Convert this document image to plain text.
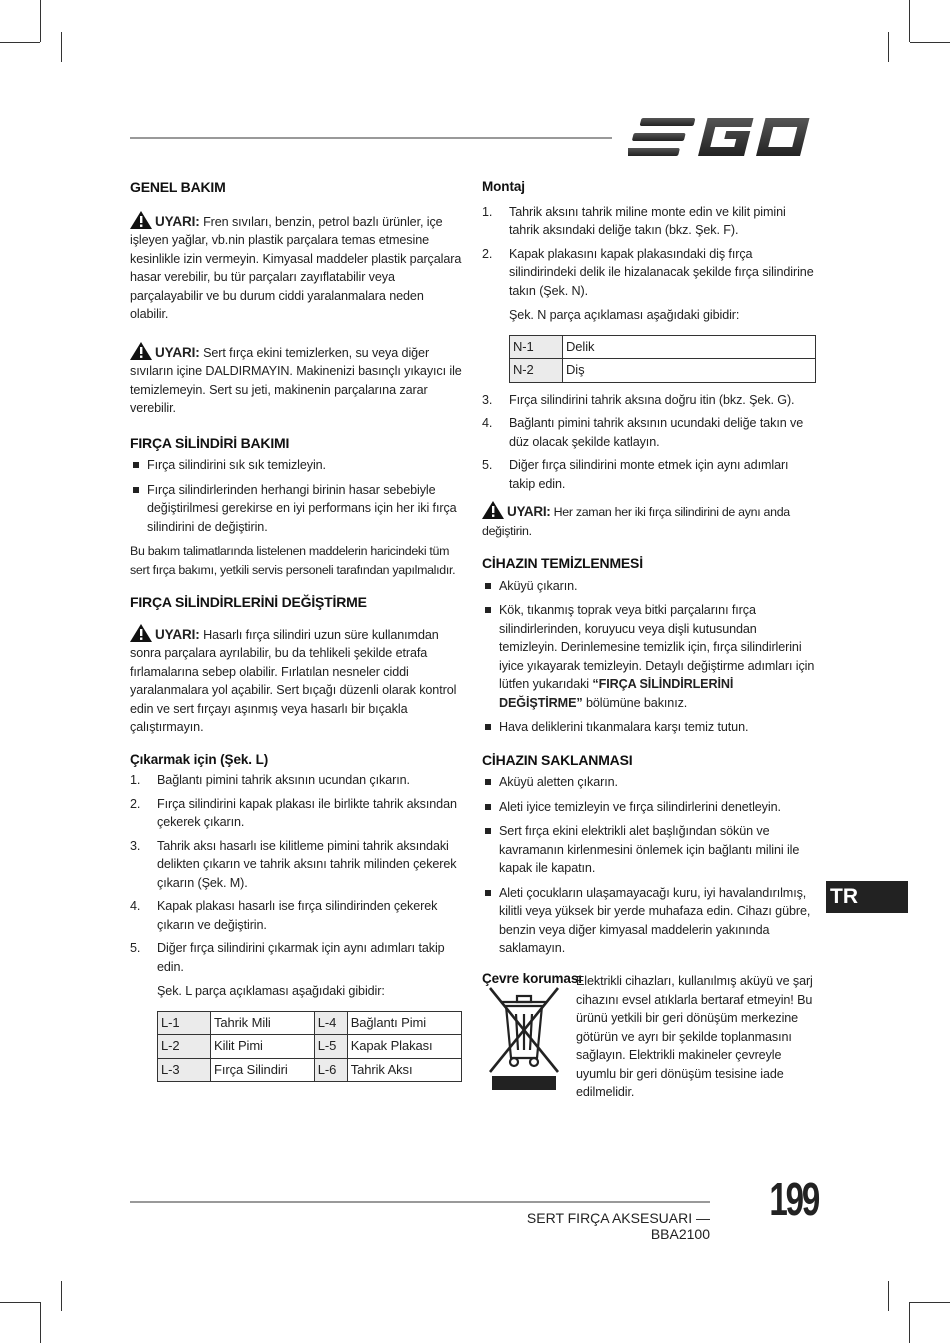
GENEL BAKIM

UYARI: Fren sıvıları, benzin, petrol bazlı ürünler, içe işleyen yağlar, vb.nin plastik parçalara temas etmesine kesinlikle izin vermeyin. Kimyasal maddeler plastik parçalara hasar verebilir, bu tür parçaları zayıflatabilir veya parçalayabilir ve bu durum ciddi yaralanmalara neden olabilir.

UYARI: Sert fırça ekini temizlerken, su veya diğer sıvıların içine DALDIRMAYIN. Makinenizi basınçlı yıkayıcı ile temizlemeyin. Sert su jeti, makinenin parçalarına zarar verebilir.

FIRÇA SİLİNDİRİ BAKIMI
Fırça silindirini sık sık temizleyin.
Fırça silindirlerinden herhangi birinin hasar sebebiyle değiştirilmesi gerekirse en iyi performans için her iki fırça silindirini de değiştirin.

Bu bakım talimatlarında listelenen maddelerin haricindeki tüm sert fırça bakımı, yetkili servis personeli tarafından yapılmalıdır.

FIRÇA SİLİNDİRLERİNİ DEĞİŞTİRME

UYARI: Hasarlı fırça silindiri uzun süre kullanımdan sonra parçalara ayrılabilir, bu da tehlikeli şekilde etrafa fırlamalarına sebep olabilir. Fırlatılan nesneler ciddi yaralanmalara yol açabilir. Sert bıçağı düzenli olarak kontrol edin ve sert fırçayı aşınmış veya hasarlı bir bıçakla çalıştırmayın.

Çıkarmak için (Şek. L)
1. Bağlantı pimini tahrik aksının ucundan çıkarın.
2. Fırça silindirini kapak plakası ile birlikte tahrik aksından çekerek çıkarın.
3. Tahrik aksı hasarlı ise kilitleme pimini tahrik aksındaki delikten çıkarın ve tahrik aksını tahrik milinden çekerek çıkarın (Şek. M).
4. Kapak plakası hasarlı ise fırça silindirinden çekerek çıkarın ve değiştirin.
5. Diğer fırça silindirini çıkarmak için aynı adımları takip edin.

Şek. L parça açıklaması aşağıdaki gibidir:

L-1	Tahrik Mili	L-4	Bağlantı Pimi
L-2	Kilit Pimi	L-5	Kapak Plakası
L-3	Fırça Silindiri	L-6	Tahrik Aksı
Montaj
1. Tahrik aksını tahrik miline monte edin ve kilit pimini tahrik aksındaki deliğe takın (bkz. Şek. F).
2. Kapak plakasını kapak plakasındaki diş fırça silindirindeki delik ile hizalanacak şekilde fırça silindirine takın (Şek. N).

Şek. N parça açıklaması aşağıdaki gibidir:

N-1	Delik
N-2	Diş
3. Fırça silindirini tahrik aksına doğru itin (bkz. Şek. G).
4. Bağlantı pimini tahrik aksının ucundaki deliğe takın ve düz olacak şekilde katlayın.
5. Diğer fırça silindirini monte etmek için aynı adımları takip edin.

UYARI: Her zaman her iki fırça silindirini de aynı anda değiştirin.

CİHAZIN TEMİZLENMESİ
Aküyü çıkarın.
Kök, tıkanmış toprak veya bitki parçalarını fırça silindirlerinden, koruyucu veya dişli kutusundan temizleyin. Derinlemesine temizlik için, fırça silindirlerini iyice yıkayarak temizleyin. Detaylı değiştirme adımları için lütfen yukarıdaki “FIRÇA SİLİNDİRLERİNİ DEĞİŞTİRME” bölümüne bakınız.
Hava deliklerini tıkanmalara karşı temiz tutun.
CİHAZIN SAKLANMASI
Aküyü aletten çıkarın.
Aleti iyice temizleyin ve fırça silindirlerini denetleyin.
Sert fırça ekini elektrikli alet başlığından sökün ve kavramanın kirlenmesini önlemek için bağlantı milini ile kapak ile kapatın.
Aleti çocukların ulaşamayacağı kuru, iyi havalandırılmış, kilitli veya yüksek bir yerde muhafaza edin. Cihazı gübre, benzin veya diğer kimyasal maddelerin yakınında saklamayın.
Çevre koruması

Elektrikli cihazları, kullanılmış aküyü ve şarj cihazını evsel atıklarla bertaraf etmeyin! Bu ürünü yetkili bir geri dönüşüm merkezine götürün ve ayrı bir şekilde toplanmasını sağlayın. Elektrikli makineler çevreyle uyumlu bir geri dönüşüm tesisine iade edilmelidir.

TR
SERT FIRÇA AKSESUARI — BBA2100
199
